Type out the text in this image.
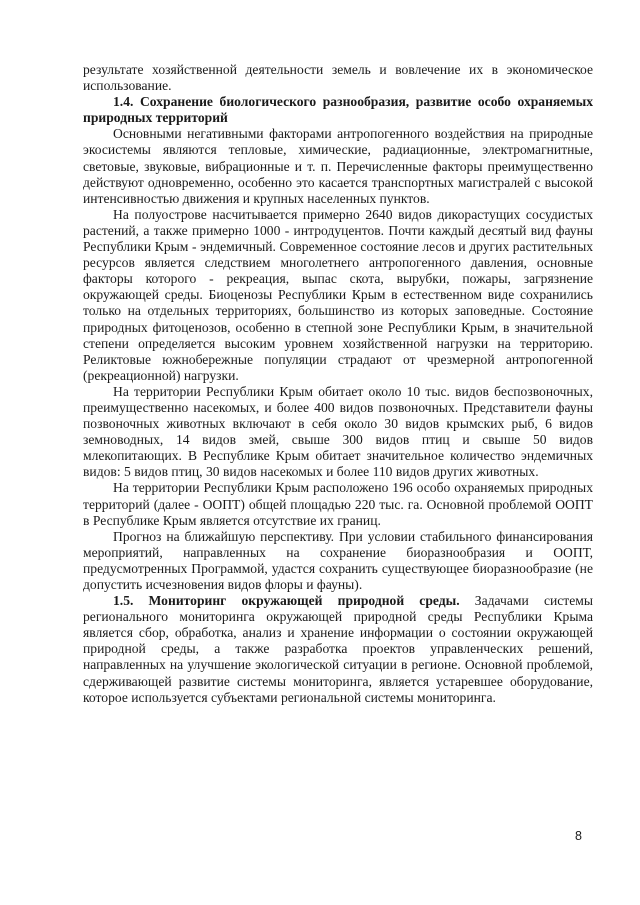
результате хозяйственной деятельности земель и вовлечение их в экономическое использование.

1.4. Сохранение биологического разнообразия, развитие особо охраняемых природных территорий

Основными негативными факторами антропогенного воздействия на природные экосистемы являются тепловые, химические, радиационные, электромагнитные, световые, звуковые, вибрационные и т. п. Перечисленные факторы преимущественно действуют одновременно, особенно это касается транспортных магистралей с высокой интенсивностью движения и крупных населенных пунктов.

На полуострове насчитывается примерно 2640 видов дикорастущих сосудистых растений, а также примерно 1000 - интродуцентов. Почти каждый десятый вид фауны Республики Крым - эндемичный. Современное состояние лесов и других растительных ресурсов является следствием многолетнего антропогенного давления, основные факторы которого - рекреация, выпас скота, вырубки, пожары, загрязнение окружающей среды. Биоценозы Республики Крым в естественном виде сохранились только на отдельных территориях, большинство из которых заповедные. Состояние природных фитоценозов, особенно в степной зоне Республики Крым, в значительной степени определяется высоким уровнем хозяйственной нагрузки на территорию. Реликтовые южнобережные популяции страдают от чрезмерной антропогенной (рекреационной) нагрузки.

На территории Республики Крым обитает около 10 тыс. видов беспозвоночных, преимущественно насекомых, и более 400 видов позвоночных. Представители фауны позвоночных животных включают в себя около 30 видов крымских рыб, 6 видов земноводных, 14 видов змей, свыше 300 видов птиц и свыше 50 видов млекопитающих. В Республике Крым обитает значительное количество эндемичных видов: 5 видов птиц, 30 видов насекомых и более 110 видов других животных.

На территории Республики Крым расположено 196 особо охраняемых природных территорий (далее - ООПТ) общей площадью 220 тыс. га. Основной проблемой ООПТ в Республике Крым является отсутствие их границ.

Прогноз на ближайшую перспективу. При условии стабильного финансирования мероприятий, направленных на сохранение биоразнообразия и ООПТ, предусмотренных Программой, удастся сохранить существующее биоразнообразие (не допустить исчезновения видов флоры и фауны).

1.5. Мониторинг окружающей природной среды. Задачами системы регионального мониторинга окружающей природной среды Республики Крыма является сбор, обработка, анализ и хранение информации о состоянии окружающей природной среды, а также разработка проектов управленческих решений, направленных на улучшение экологической ситуации в регионе. Основной проблемой, сдерживающей развитие системы мониторинга, является устаревшее оборудование, которое используется субъектами региональной системы мониторинга.

8
